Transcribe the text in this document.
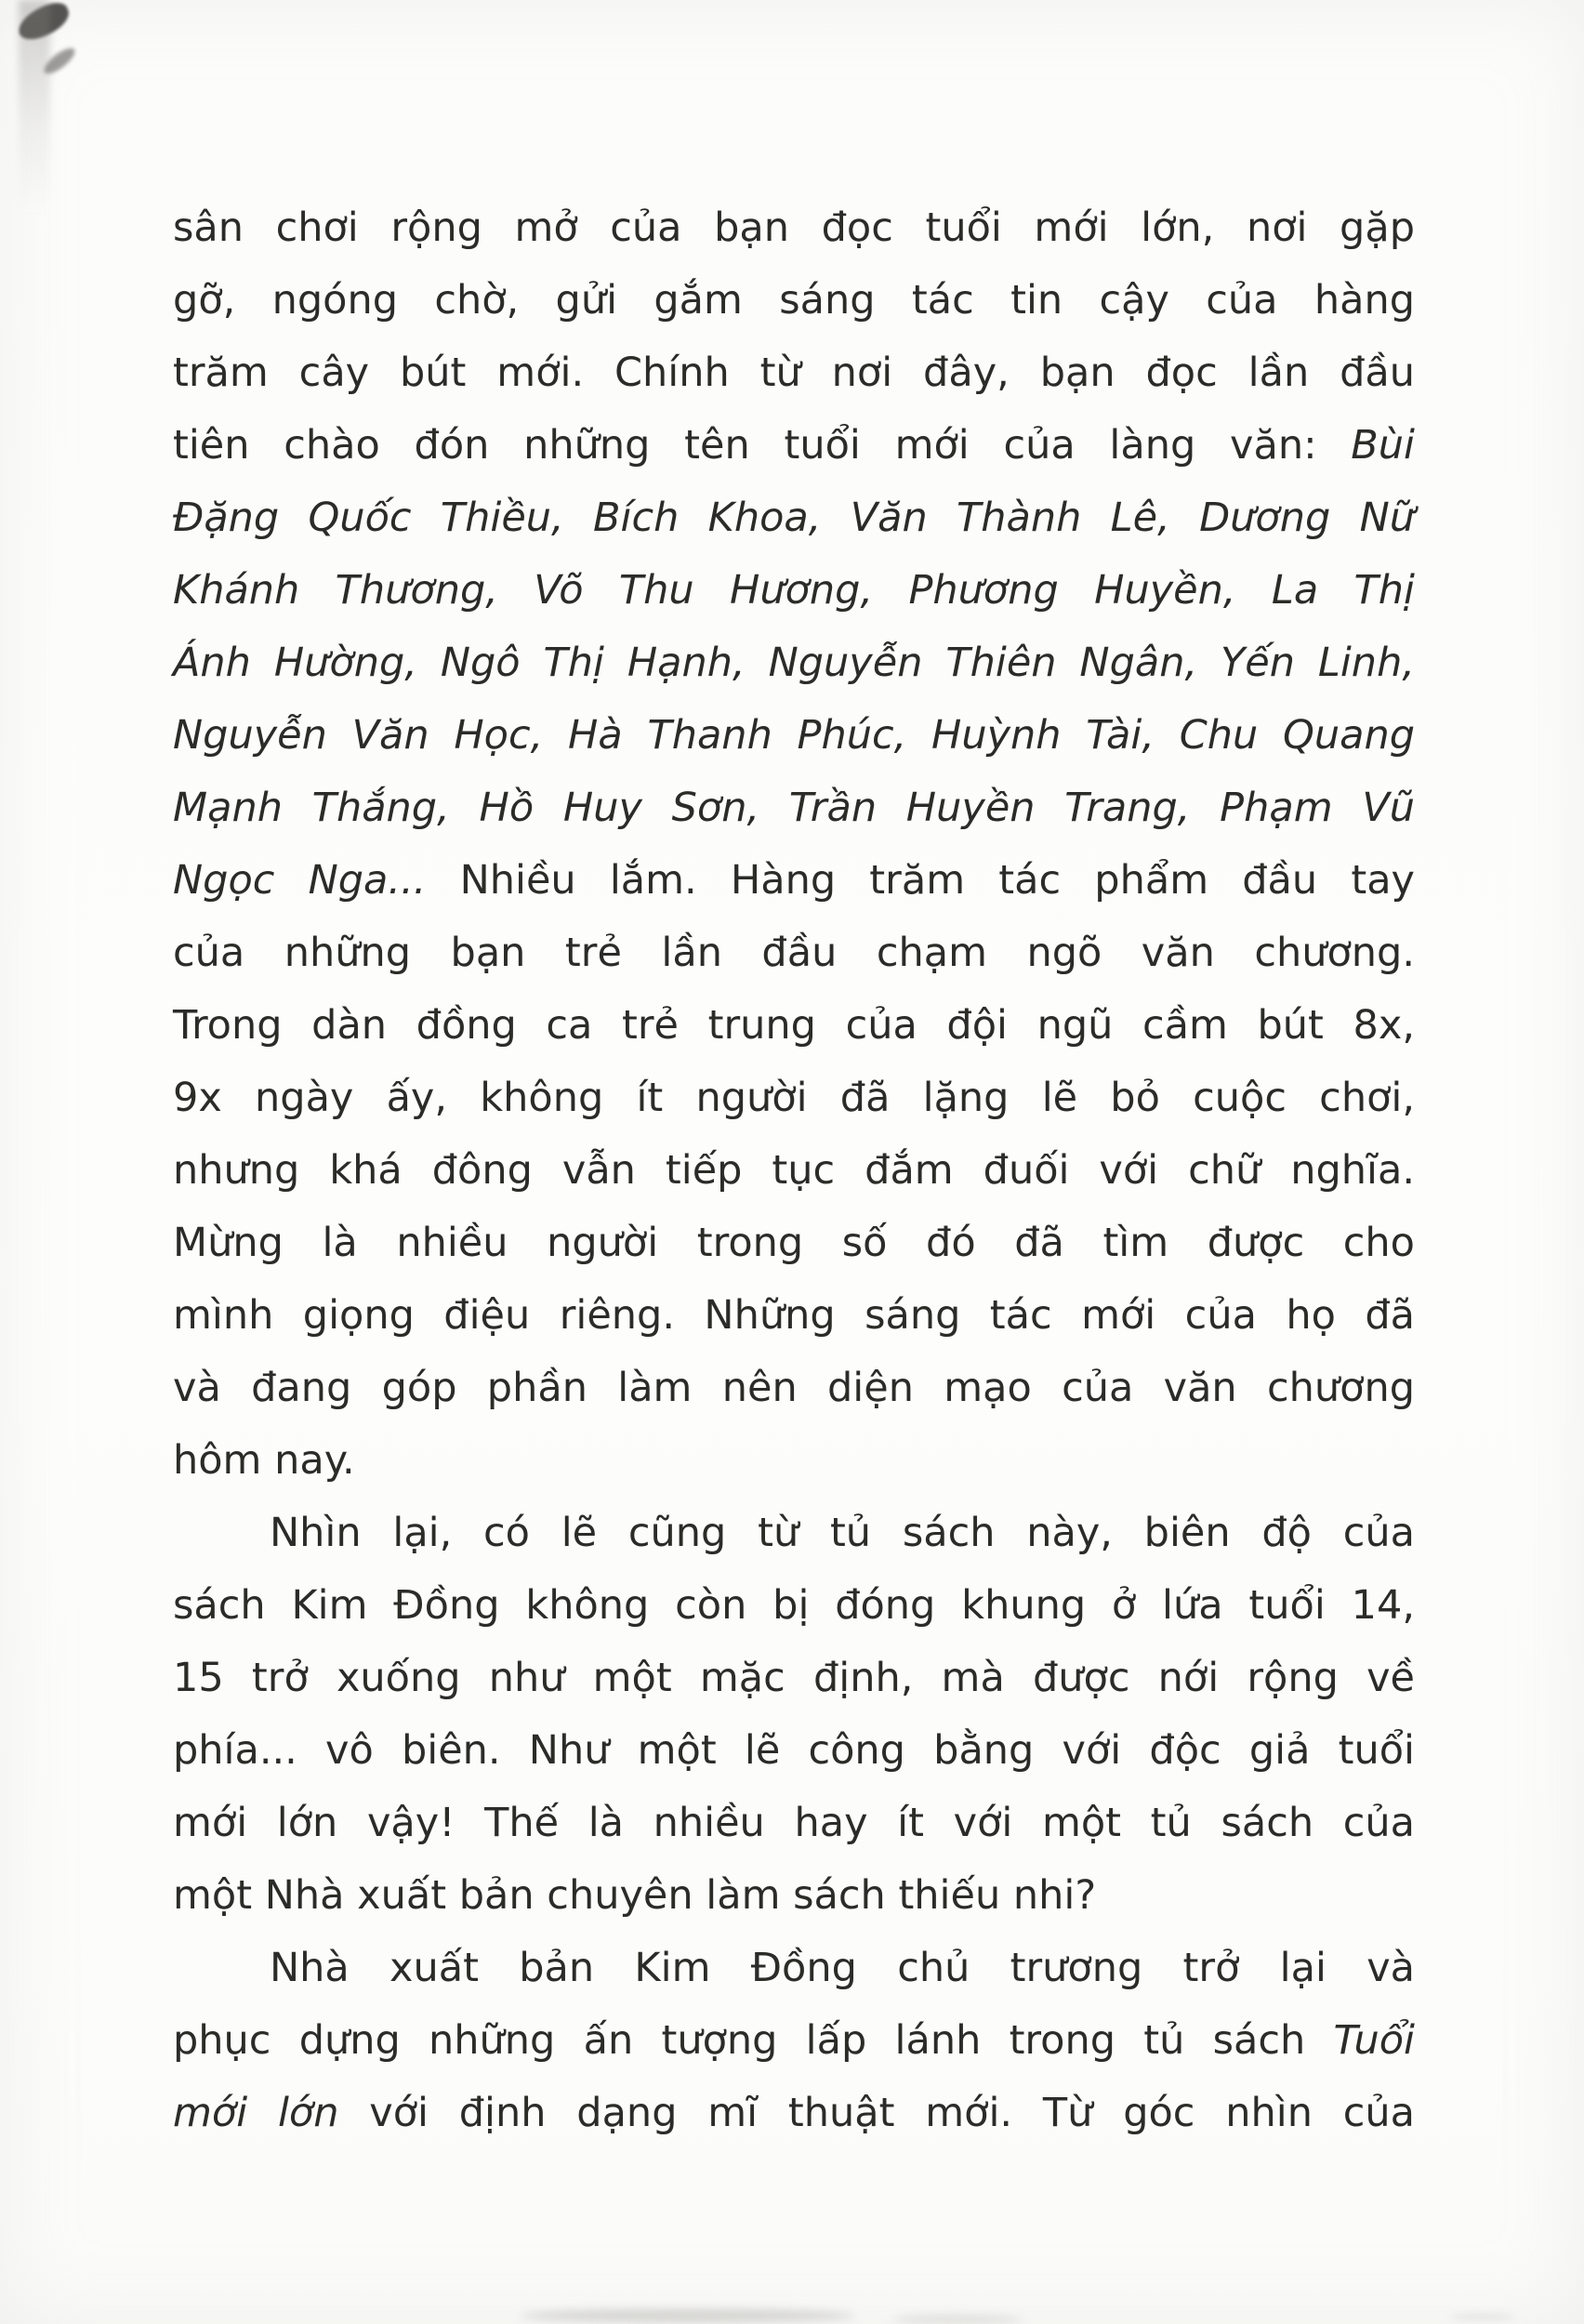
sân chơi rộng mở của bạn đọc tuổi mới lớn, nơi gặp
gỡ, ngóng chờ, gửi gắm sáng tác tin cậy của hàng
trăm cây bút mới. Chính từ nơi đây, bạn đọc lần đầu
tiên chào đón những tên tuổi mới của làng văn: Bùi
Đặng Quốc Thiều, Bích Khoa, Văn Thành Lê, Dương Nữ
Khánh Thương, Võ Thu Hương, Phương Huyền, La Thị
Ánh Hường, Ngô Thị Hạnh, Nguyễn Thiên Ngân, Yến Linh,
Nguyễn Văn Học, Hà Thanh Phúc, Huỳnh Tài, Chu Quang
Mạnh Thắng, Hồ Huy Sơn, Trần Huyền Trang, Phạm Vũ
Ngọc Nga... Nhiều lắm. Hàng trăm tác phẩm đầu tay
của những bạn trẻ lần đầu chạm ngõ văn chương.
Trong dàn đồng ca trẻ trung của đội ngũ cầm bút 8x,
9x ngày ấy, không ít người đã lặng lẽ bỏ cuộc chơi,
nhưng khá đông vẫn tiếp tục đắm đuối với chữ nghĩa.
Mừng là nhiều người trong số đó đã tìm được cho
mình giọng điệu riêng. Những sáng tác mới của họ đã
và đang góp phần làm nên diện mạo của văn chương
hôm nay.
Nhìn lại, có lẽ cũng từ tủ sách này, biên độ của
sách Kim Đồng không còn bị đóng khung ở lứa tuổi 14,
15 trở xuống như một mặc định, mà được nới rộng về
phía... vô biên. Như một lẽ công bằng với độc giả tuổi
mới lớn vậy! Thế là nhiều hay ít với một tủ sách của
một Nhà xuất bản chuyên làm sách thiếu nhi?
Nhà xuất bản Kim Đồng chủ trương trở lại và
phục dựng những ấn tượng lấp lánh trong tủ sách Tuổi
mới lớn với định dạng mĩ thuật mới. Từ góc nhìn của
